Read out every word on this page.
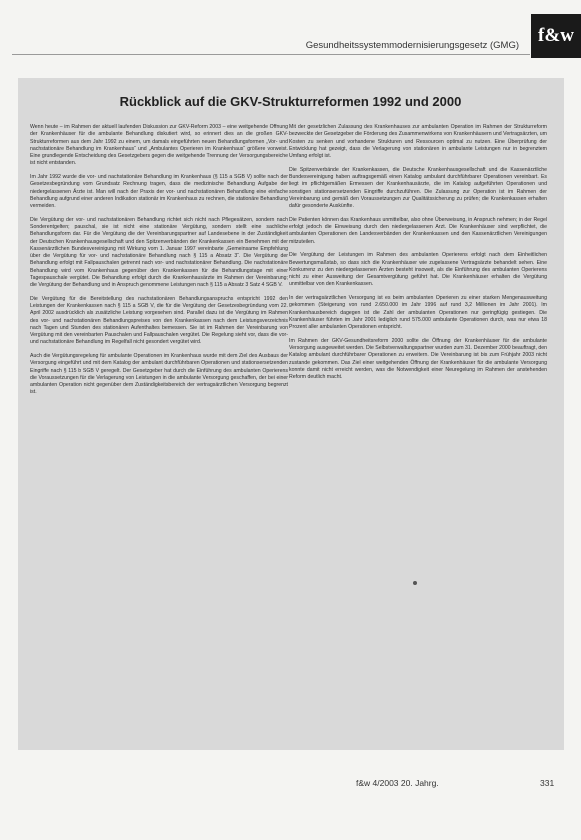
Gesundheitssystemmodernisierungsgesetz (GMG)	f&w
Rückblick auf die GKV-Strukturreformen 1992 und 2000

Wenn heute – im Rahmen der aktuell laufenden Diskussion zur GKV-Reform 2003 – eine weitgehende Öffnung der Krankenhäuser für die ambulante Behandlung diskutiert wird, so erinnert dies an die großen GKV-Strukturreformen aus dem Jahr 1992 zu einem, um damals eingeführten neuen Behandlungsformen „Vor- und nachstationäre Behandlung im Krankenhaus“ und „Ambulantes Operieren im Krankenhaus“ größere vorweist. Eine grundlegende Entscheidung des Gesetzgebers gegen die weitgehende Trennung der Versorgungsbereiche ist nicht entstanden.

Im Jahr 1992 wurde die vor- und nachstationäre Behandlung im Krankenhaus (§ 115 a SGB V) sollte nach der Gesetzesbegründung vom Grundsatz Rechnung tragen, dass die medizinische Behandlung Aufgabe der niedergelassenen Ärzte ist. Man will nach der Praxis der vor- und nachstationären Behandlung eine einfache Behandlung aufgrund einer anderen Indikation stationär im Krankenhaus zu rechnen, die stationäre Behandlung vermeiden.

Die Vergütung der vor- und nachstationären Behandlung richtet sich nicht nach Pflegesätzen, sondern nach Sonderentgelten; pauschal, sie ist nicht eine stationäre Vergütung, sondern stellt eine sachliche Behandlungsform dar. Für die Vergütung die der Vereinbarungspartner auf Landesebene in der Zuständigkeit der Deutschen Krankenhausgesellschaft und den Spitzenverbänden der Krankenkassen ein Benehmen mit der Kassenärztlichen Bundesvereinigung mit Wirkung vom 1. Januar 1997 vereinbarte „Gemeinsame Empfehlung über die Vergütung für vor- und nachstationäre Behandlung nach § 115 a Absatz 3“. Die Vergütung der Behandlung erfolgt mit Fallpauschalen getrennt nach vor- und nachstationärer Behandlung. Die nachstationäre Behandlung wird vom Krankenhaus gegenüber den Krankenkassen für die Behandlungstage mit einer Tagespauschale vergütet. Die Behandlung erfolgt durch die Krankenhausärzte im Rahmen der Vereinbarung; die Vergütung der Behandlung und in Anspruch genommene Leistungen nach § 115 a Absatz 3 Satz 4 SGB V.

Die Vergütung für die Bereitstellung des nachstationären Behandlungsanspruchs entspricht 1992 den Leistungen der Krankenkassen nach § 115 a SGB V, die für die Vergütung der Gesetzesbegründung vom 22. April 2002 ausdrücklich als zusätzliche Leistung vorgesehen sind. Parallel dazu ist die Vergütung im Rahmen des vor- und nachstationären Behandlungspreises von den Krankenkassen nach dem Leistungsverzeichnis nach Tagen und Stunden des stationären Aufenthaltes bemessen. Sie ist im Rahmen der Vereinbarung von Vergütung mit den vereinbarten Pauschalen und Fallpauschalen vergütet. Die Regelung sieht vor, dass die vor- und nachstationäre Behandlung im Regelfall nicht gesondert vergütet wird.

Auch die Vergütungsregelung für ambulante Operationen im Krankenhaus wurde mit dem Ziel des Ausbaus der Versorgung eingeführt und mit dem Katalog der ambulant durchführbaren Operationen und stationsersetzenden Eingriffe nach § 115 b SGB V geregelt. Der Gesetzgeber hat durch die Einführung des ambulanten Operierens die Voraussetzungen für die Verlagerung von Leistungen in die ambulante Versorgung geschaffen, der bei einer ambulanten Operation nicht gegenüber dem Zuständigkeitsbereich der vertragsärztlichen Versorgung begrenzt ist.

Mit der gesetzlichen Zulassung des Krankenhauses zur ambulanten Operation im Rahmen der Strukturreform bezweckte der Gesetzgeber die Förderung des Zusammenwirkens von Krankenhäusern und Vertragsärzten, um Kosten zu senken und vorhandene Strukturen und Ressourcen optimal zu nutzen. Eine Überprüfung der Entwicklung hat gezeigt, dass die Verlagerung von stationären in ambulante Leistungen nur in begrenztem Umfang erfolgt ist.

Die Spitzenverbände der Krankenkassen, die Deutsche Krankenhausgesellschaft und die Kassenärztliche Bundesvereinigung haben auftragsgemäß einen Katalog ambulant durchführbarer Operationen vereinbart. Es liegt im pflichtgemäßen Ermessen der Krankenhausärzte, die im Katalog aufgeführten Operationen und sonstigen stationsersetzenden Eingriffe durchzuführen. Die Zulassung zur Operation ist im Rahmen der Vereinbarung und gemäß den Voraussetzungen zur Qualitätssicherung zu prüfen; die Krankenkassen erhalten dafür gesonderte Auskünfte.

Die Patienten können das Krankenhaus unmittelbar, also ohne Überweisung, in Anspruch nehmen; in der Regel erfolgt jedoch die Einweisung durch den niedergelassenen Arzt. Die Krankenhäuser sind verpflichtet, die ambulanten Operationen den Landesverbänden der Krankenkassen und den Kassenärztlichen Vereinigungen mitzuteilen.

Die Vergütung der Leistungen im Rahmen des ambulanten Operierens erfolgt nach dem Einheitlichen Bewertungsmaßstab, so dass sich die Krankenhäuser wie zugelassene Vertragsärzte behandelt sehen. Eine Konkurrenz zu den niedergelassenen Ärzten besteht insoweit, als die Einführung des ambulanten Operierens nicht zu einer Ausweitung der Gesamtvergütung geführt hat. Die Krankenhäuser erhalten die Vergütung unmittelbar von den Krankenkassen.

In der vertragsärztlichen Versorgung ist es beim ambulanten Operieren zu einer starken Mengenausweitung gekommen (Steigerung von rund 2.650.000 im Jahr 1996 auf rund 3,2 Millionen im Jahr 2001). Im Krankenhausbereich dagegen ist die Zahl der ambulanten Operationen nur geringfügig gestiegen. Die Krankenhäuser führten im Jahr 2001 lediglich rund 575.000 ambulante Operationen durch, was nur etwa 18 Prozent aller ambulanten Operationen entspricht.

Im Rahmen der GKV-Gesundheitsreform 2000 sollte die Öffnung der Krankenhäuser für die ambulante Versorgung ausgeweitet werden. Die Selbstverwaltungspartner wurden zum 31. Dezember 2000 beauftragt, den Katalog ambulant durchführbarer Operationen zu erweitern. Die Vereinbarung ist bis zum Frühjahr 2003 nicht zustande gekommen. Das Ziel einer weitgehenden Öffnung der Krankenhäuser für die ambulante Versorgung konnte damit nicht erreicht werden, was die Notwendigkeit einer Neuregelung im Rahmen der anstehenden Reform deutlich macht.

f&w 4/2003 20. Jahrg.	331
